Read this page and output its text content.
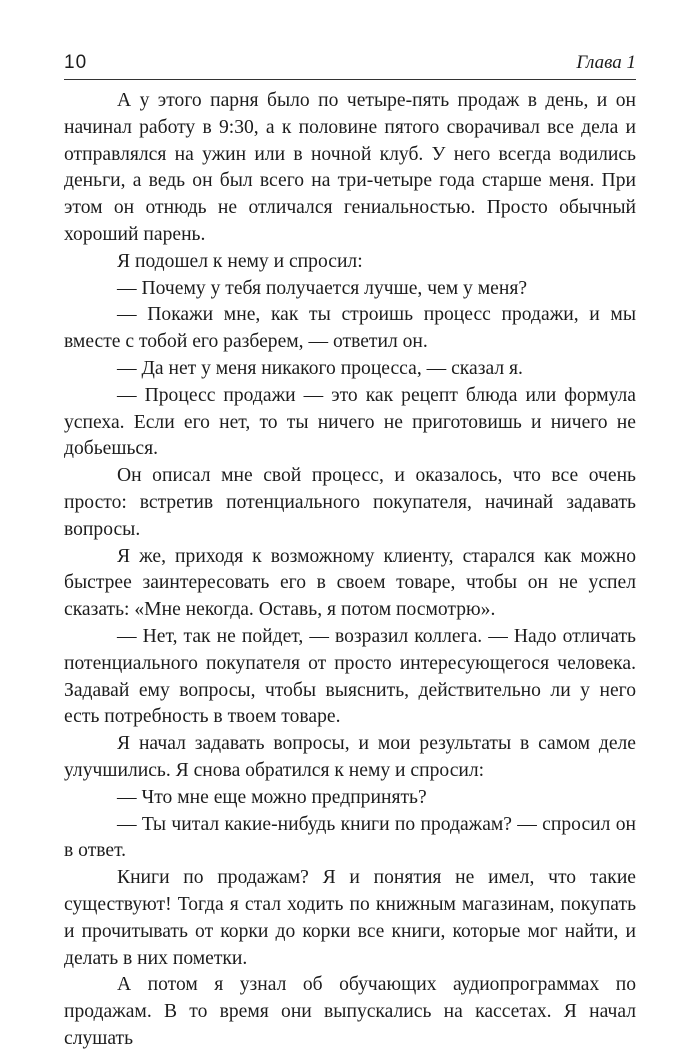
10	Глава 1

А у этого парня было по четыре-пять продаж в день, и он начинал работу в 9:30, а к половине пятого сворачивал все дела и отправлялся на ужин или в ночной клуб. У него всегда водились деньги, а ведь он был всего на три-четыре года старше меня. При этом он отнюдь не отличался гениальностью. Просто обычный хороший парень.

Я подошел к нему и спросил:

— Почему у тебя получается лучше, чем у меня?

— Покажи мне, как ты строишь процесс продажи, и мы вместе с тобой его разберем, — ответил он.

— Да нет у меня никакого процесса, — сказал я.

— Процесс продажи — это как рецепт блюда или формула успеха. Если его нет, то ты ничего не приготовишь и ничего не добьешься.

Он описал мне свой процесс, и оказалось, что все очень просто: встретив потенциального покупателя, начинай задавать вопросы.

Я же, приходя к возможному клиенту, старался как можно быстрее заинтересовать его в своем товаре, чтобы он не успел сказать: «Мне некогда. Оставь, я потом посмотрю».

— Нет, так не пойдет, — возразил коллега. — Надо отличать потенциального покупателя от просто интересующегося человека. Задавай ему вопросы, чтобы выяснить, действительно ли у него есть потребность в твоем товаре.

Я начал задавать вопросы, и мои результаты в самом деле улучшились. Я снова обратился к нему и спросил:

— Что мне еще можно предпринять?

— Ты читал какие-нибудь книги по продажам? — спросил он в ответ.

Книги по продажам? Я и понятия не имел, что такие существуют! Тогда я стал ходить по книжным магазинам, покупать и прочитывать от корки до корки все книги, которые мог найти, и делать в них пометки.

А потом я узнал об обучающих аудиопрограммах по продажам. В то время они выпускались на кассетах. Я начал слушать
